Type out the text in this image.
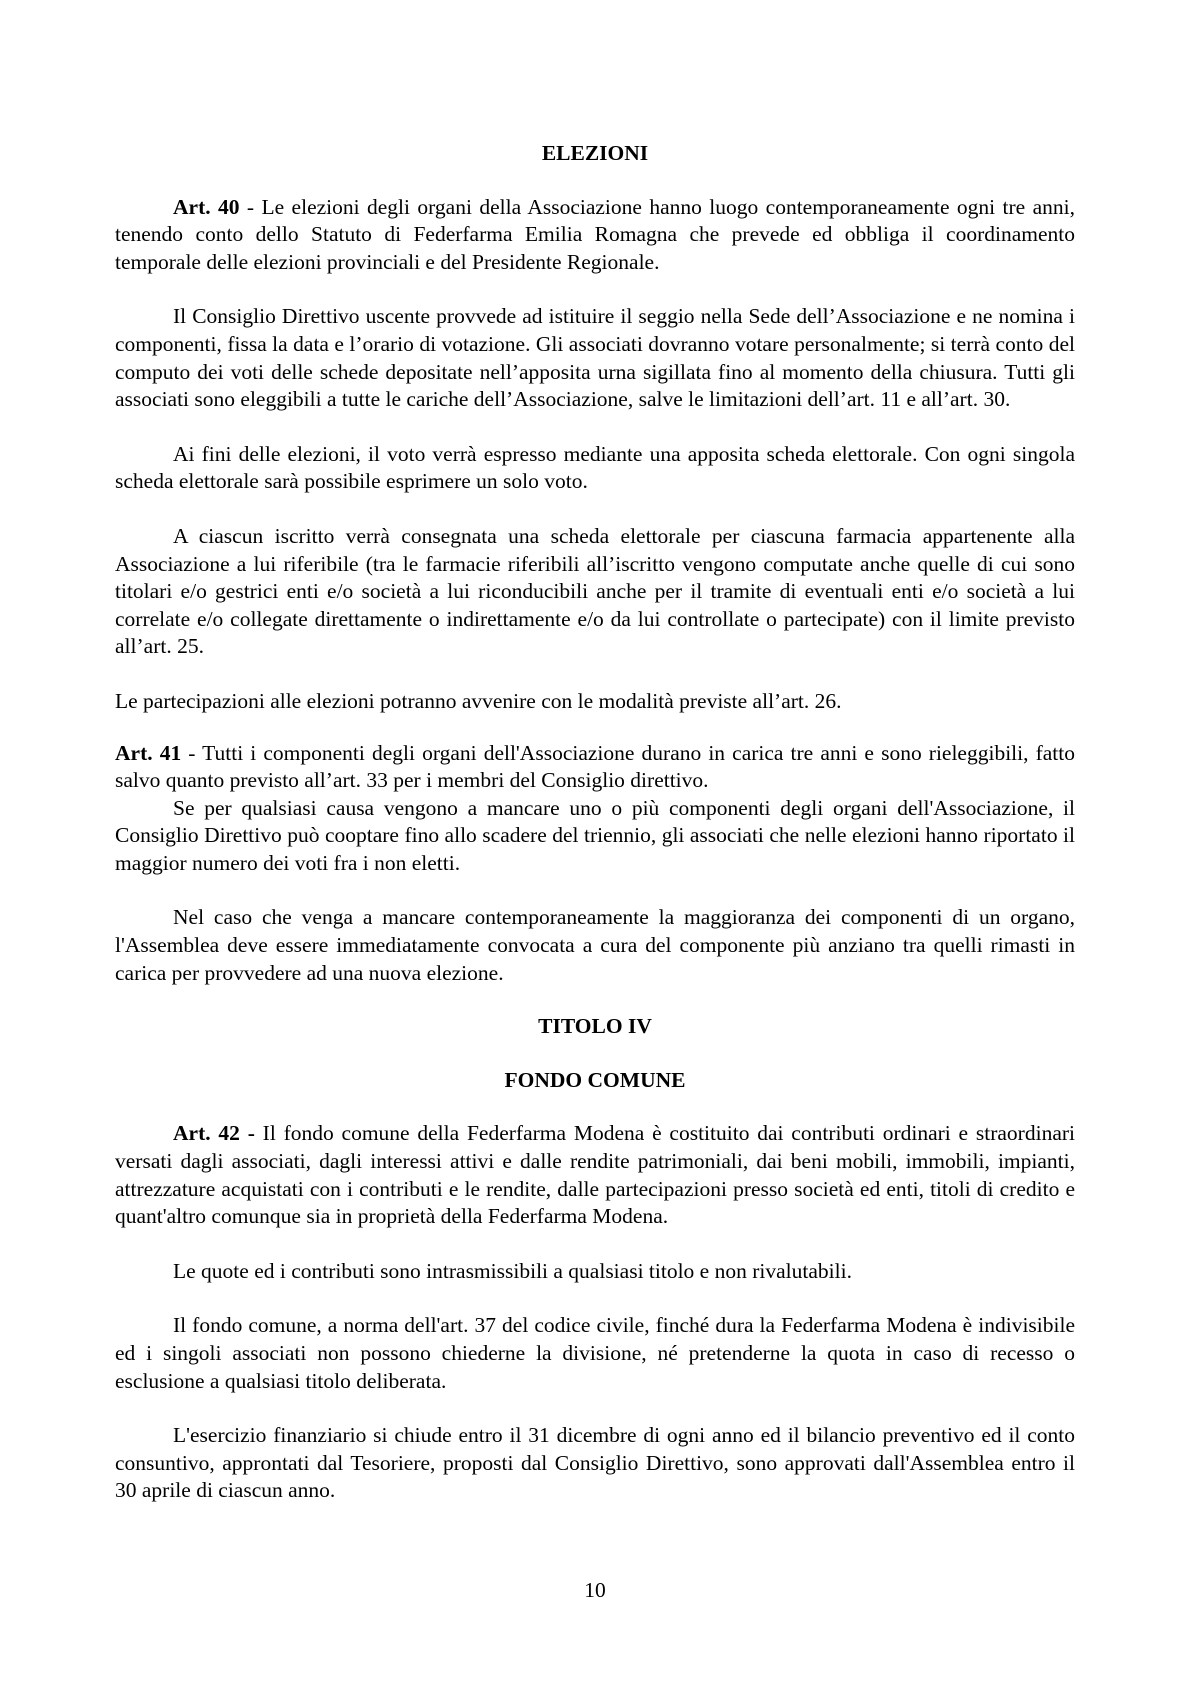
ELEZIONI

Art. 40 - Le elezioni degli organi della Associazione hanno luogo contemporaneamente ogni tre anni, tenendo conto dello Statuto di Federfarma Emilia Romagna che prevede ed obbliga il coordinamento temporale delle elezioni provinciali e del Presidente Regionale.

Il Consiglio Direttivo uscente provvede ad istituire il seggio nella Sede dell’Associazione e ne nomina i componenti, fissa la data e l’orario di votazione. Gli associati dovranno votare personalmente; si terrà conto del computo dei voti delle schede depositate nell’apposita urna sigillata fino al momento della chiusura. Tutti gli associati sono eleggibili a tutte le cariche dell’Associazione, salve le limitazioni dell’art. 11 e all’art. 30.

Ai fini delle elezioni, il voto verrà espresso mediante una apposita scheda elettorale. Con ogni singola scheda elettorale sarà possibile esprimere un solo voto.

A ciascun iscritto verrà consegnata una scheda elettorale per ciascuna farmacia appartenente alla Associazione a lui riferibile (tra le farmacie riferibili all’iscritto vengono computate anche quelle di cui sono titolari e/o gestrici enti e/o società a lui riconducibili anche per il tramite di eventuali enti e/o società a lui correlate e/o collegate direttamente o indirettamente e/o da lui controllate o partecipate) con il limite previsto all’art. 25.

Le partecipazioni alle elezioni potranno avvenire con le modalità previste all’art. 26.

Art. 41 - Tutti i componenti degli organi dell'Associazione durano in carica tre anni e sono rieleggibili, fatto salvo quanto previsto all’art. 33 per i membri del Consiglio direttivo.

Se per qualsiasi causa vengono a mancare uno o più componenti degli organi dell'Associazione, il Consiglio Direttivo può cooptare fino allo scadere del triennio, gli associati che nelle elezioni hanno riportato il maggior numero dei voti fra i non eletti.

Nel caso che venga a mancare contemporaneamente la maggioranza dei componenti di un organo, l'Assemblea deve essere immediatamente convocata a cura del componente più anziano tra quelli rimasti in carica per provvedere ad una nuova elezione.

TITOLO IV

FONDO COMUNE

Art. 42 - Il fondo comune della Federfarma Modena è costituito dai contributi ordinari e straordinari versati dagli associati, dagli interessi attivi e dalle rendite patrimoniali, dai beni mobili, immobili, impianti, attrezzature acquistati con i contributi e le rendite, dalle partecipazioni presso società ed enti, titoli di credito e quant'altro comunque sia in proprietà della Federfarma Modena.

Le quote ed i contributi sono intrasmissibili a qualsiasi titolo e non rivalutabili.

Il fondo comune, a norma dell'art. 37 del codice civile, finché dura la Federfarma Modena è indivisibile ed i singoli associati non possono chiederne la divisione, né pretenderne la quota in caso di recesso o esclusione a qualsiasi titolo deliberata.

L'esercizio finanziario si chiude entro il 31 dicembre di ogni anno ed il bilancio preventivo ed il conto consuntivo, approntati dal Tesoriere, proposti dal Consiglio Direttivo, sono approvati dall'Assemblea entro il 30 aprile di ciascun anno.

10
